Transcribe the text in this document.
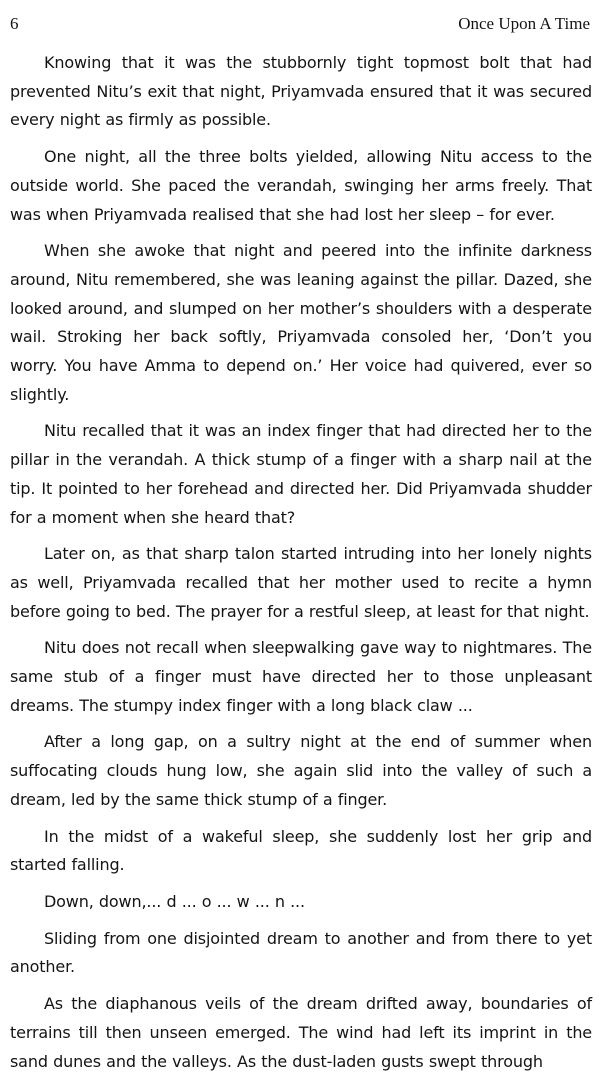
6	Once Upon A Time

Knowing that it was the stubbornly tight topmost bolt that had prevented Nitu’s exit that night, Priyamvada ensured that it was secured every night as firmly as possible.

One night, all the three bolts yielded, allowing Nitu access to the outside world. She paced the verandah, swinging her arms freely. That was when Priyamvada realised that she had lost her sleep – for ever.

When she awoke that night and peered into the infinite darkness around, Nitu remembered, she was leaning against the pillar. Dazed, she looked around, and slumped on her mother’s shoulders with a desperate wail. Stroking her back softly, Priyamvada consoled her, ‘Don’t you worry. You have Amma to depend on.’ Her voice had quivered, ever so slightly.

Nitu recalled that it was an index finger that had directed her to the pillar in the verandah. A thick stump of a finger with a sharp nail at the tip. It pointed to her forehead and directed her. Did Priyamvada shudder for a moment when she heard that?

Later on, as that sharp talon started intruding into her lonely nights as well, Priyamvada recalled that her mother used to recite a hymn before going to bed. The prayer for a restful sleep, at least for that night.

Nitu does not recall when sleepwalking gave way to nightmares. The same stub of a finger must have directed her to those unpleasant dreams. The stumpy index finger with a long black claw ...

After a long gap, on a sultry night at the end of summer when suffocating clouds hung low, she again slid into the valley of such a dream, led by the same thick stump of a finger.

In the midst of a wakeful sleep, she suddenly lost her grip and started falling.

Down, down,... d ... o ... w ... n ...

Sliding from one disjointed dream to another and from there to yet another.

As the diaphanous veils of the dream drifted away, boundaries of terrains till then unseen emerged. The wind had left its imprint in the sand dunes and the valleys. As the dust-laden gusts swept through
